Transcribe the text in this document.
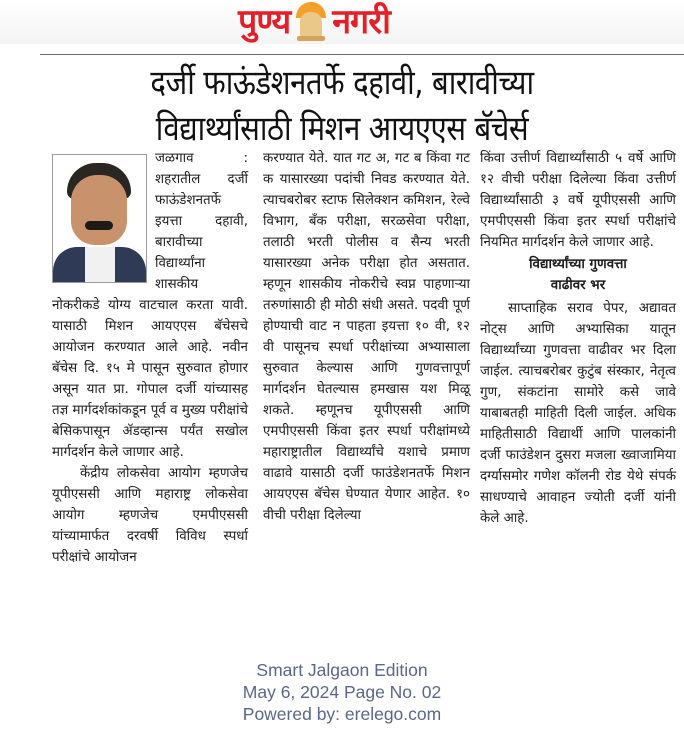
पुण्य नगरी
दर्जी फाऊंडेशनतर्फे दहावी, बारावीच्या
विद्यार्थ्यांसाठी मिशन आयएएस बॅचेर्स

जळगाव : शहरातील दर्जी फाऊंडेशनतर्फे इयत्ता दहावी, बारावीच्या विद्यार्थ्यांना शासकीय नोकरीकडे योग्य वाटचाल करता यावी. यासाठी मिशन आयएएस बॅचेसचे आयोजन करण्यात आले आहे. नवीन बॅचेस दि. १५ मे पासून सुरुवात होणार असून यात प्रा. गोपाल दर्जी यांच्यासह तज्ञ मार्गदर्शकांकडून पूर्व व मुख्य परीक्षांचे बेसिकपासून ॲडव्हान्स पर्यंत सखोल मार्गदर्शन केले जाणार आहे.

केंद्रीय लोकसेवा आयोग म्हणजेच यूपीएससी आणि महाराष्ट्र लोकसेवा आयोग म्हणजेच एमपीएससी यांच्यामार्फत दरवर्षी विविध स्पर्धा परीक्षांचे आयोजन

करण्यात येते. यात गट अ, गट ब किंवा गट क यासारख्या पदांची निवड करण्यात येते. त्याचबरोबर स्टाफ सिलेक्शन कमिशन, रेल्वे विभाग, बँक परीक्षा, सरळसेवा परीक्षा, तलाठी भरती पोलीस व सैन्य भरती यासारख्या अनेक परीक्षा होत असतात. म्हणून शासकीय नोकरीचे स्वप्न पाहणाऱ्या तरुणांसाठी ही मोठी संधी असते. पदवी पूर्ण होण्याची वाट न पाहता इयत्ता १० वी, १२ वी पासूनच स्पर्धा परीक्षांच्या अभ्यासाला सुरुवात केल्यास आणि गुणवत्तापूर्ण मार्गदर्शन घेतल्यास हमखास यश मिळू शकते. म्हणूनच यूपीएससी आणि एमपीएससी किंवा इतर स्पर्धा परीक्षांमध्ये महाराष्ट्रातील विद्यार्थ्यांचे यशाचे प्रमाण वाढावे यासाठी दर्जी फाउंडेशनतर्फे मिशन आयएएस बॅचेस घेण्यात येणार आहेत. १० वीची परीक्षा दिलेल्या

किंवा उत्तीर्ण विद्यार्थ्यांसाठी ५ वर्षे आणि १२ वीची परीक्षा दिलेल्या किंवा उत्तीर्ण विद्यार्थ्यांसाठी ३ वर्षे यूपीएससी आणि एमपीएससी किंवा इतर स्पर्धा परीक्षांचे नियमित मार्गदर्शन केले जाणार आहे.

विद्यार्थ्यांच्या गुणवत्ता
वाढीवर भर

साप्ताहिक सराव पेपर, अद्यावत नोट्स आणि अभ्यासिका यातून विद्यार्थ्यांच्या गुणवत्ता वाढीवर भर दिला जाईल. त्याचबरोबर कुटुंब संस्कार, नेतृत्व गुण, संकटांना सामोरे कसे जावे याबाबतही माहिती दिली जाईल. अधिक माहितीसाठी विद्यार्थी आणि पालकांनी दर्जी फाउंडेशन दुसरा मजला ख्वाजामिया दर्ग्यासमोर गणेश कॉलनी रोड येथे संपर्क साधण्याचे आवाहन ज्योती दर्जी यांनी केले आहे.

Smart Jalgaon Edition
May 6, 2024 Page No. 02
Powered by: erelego.com
